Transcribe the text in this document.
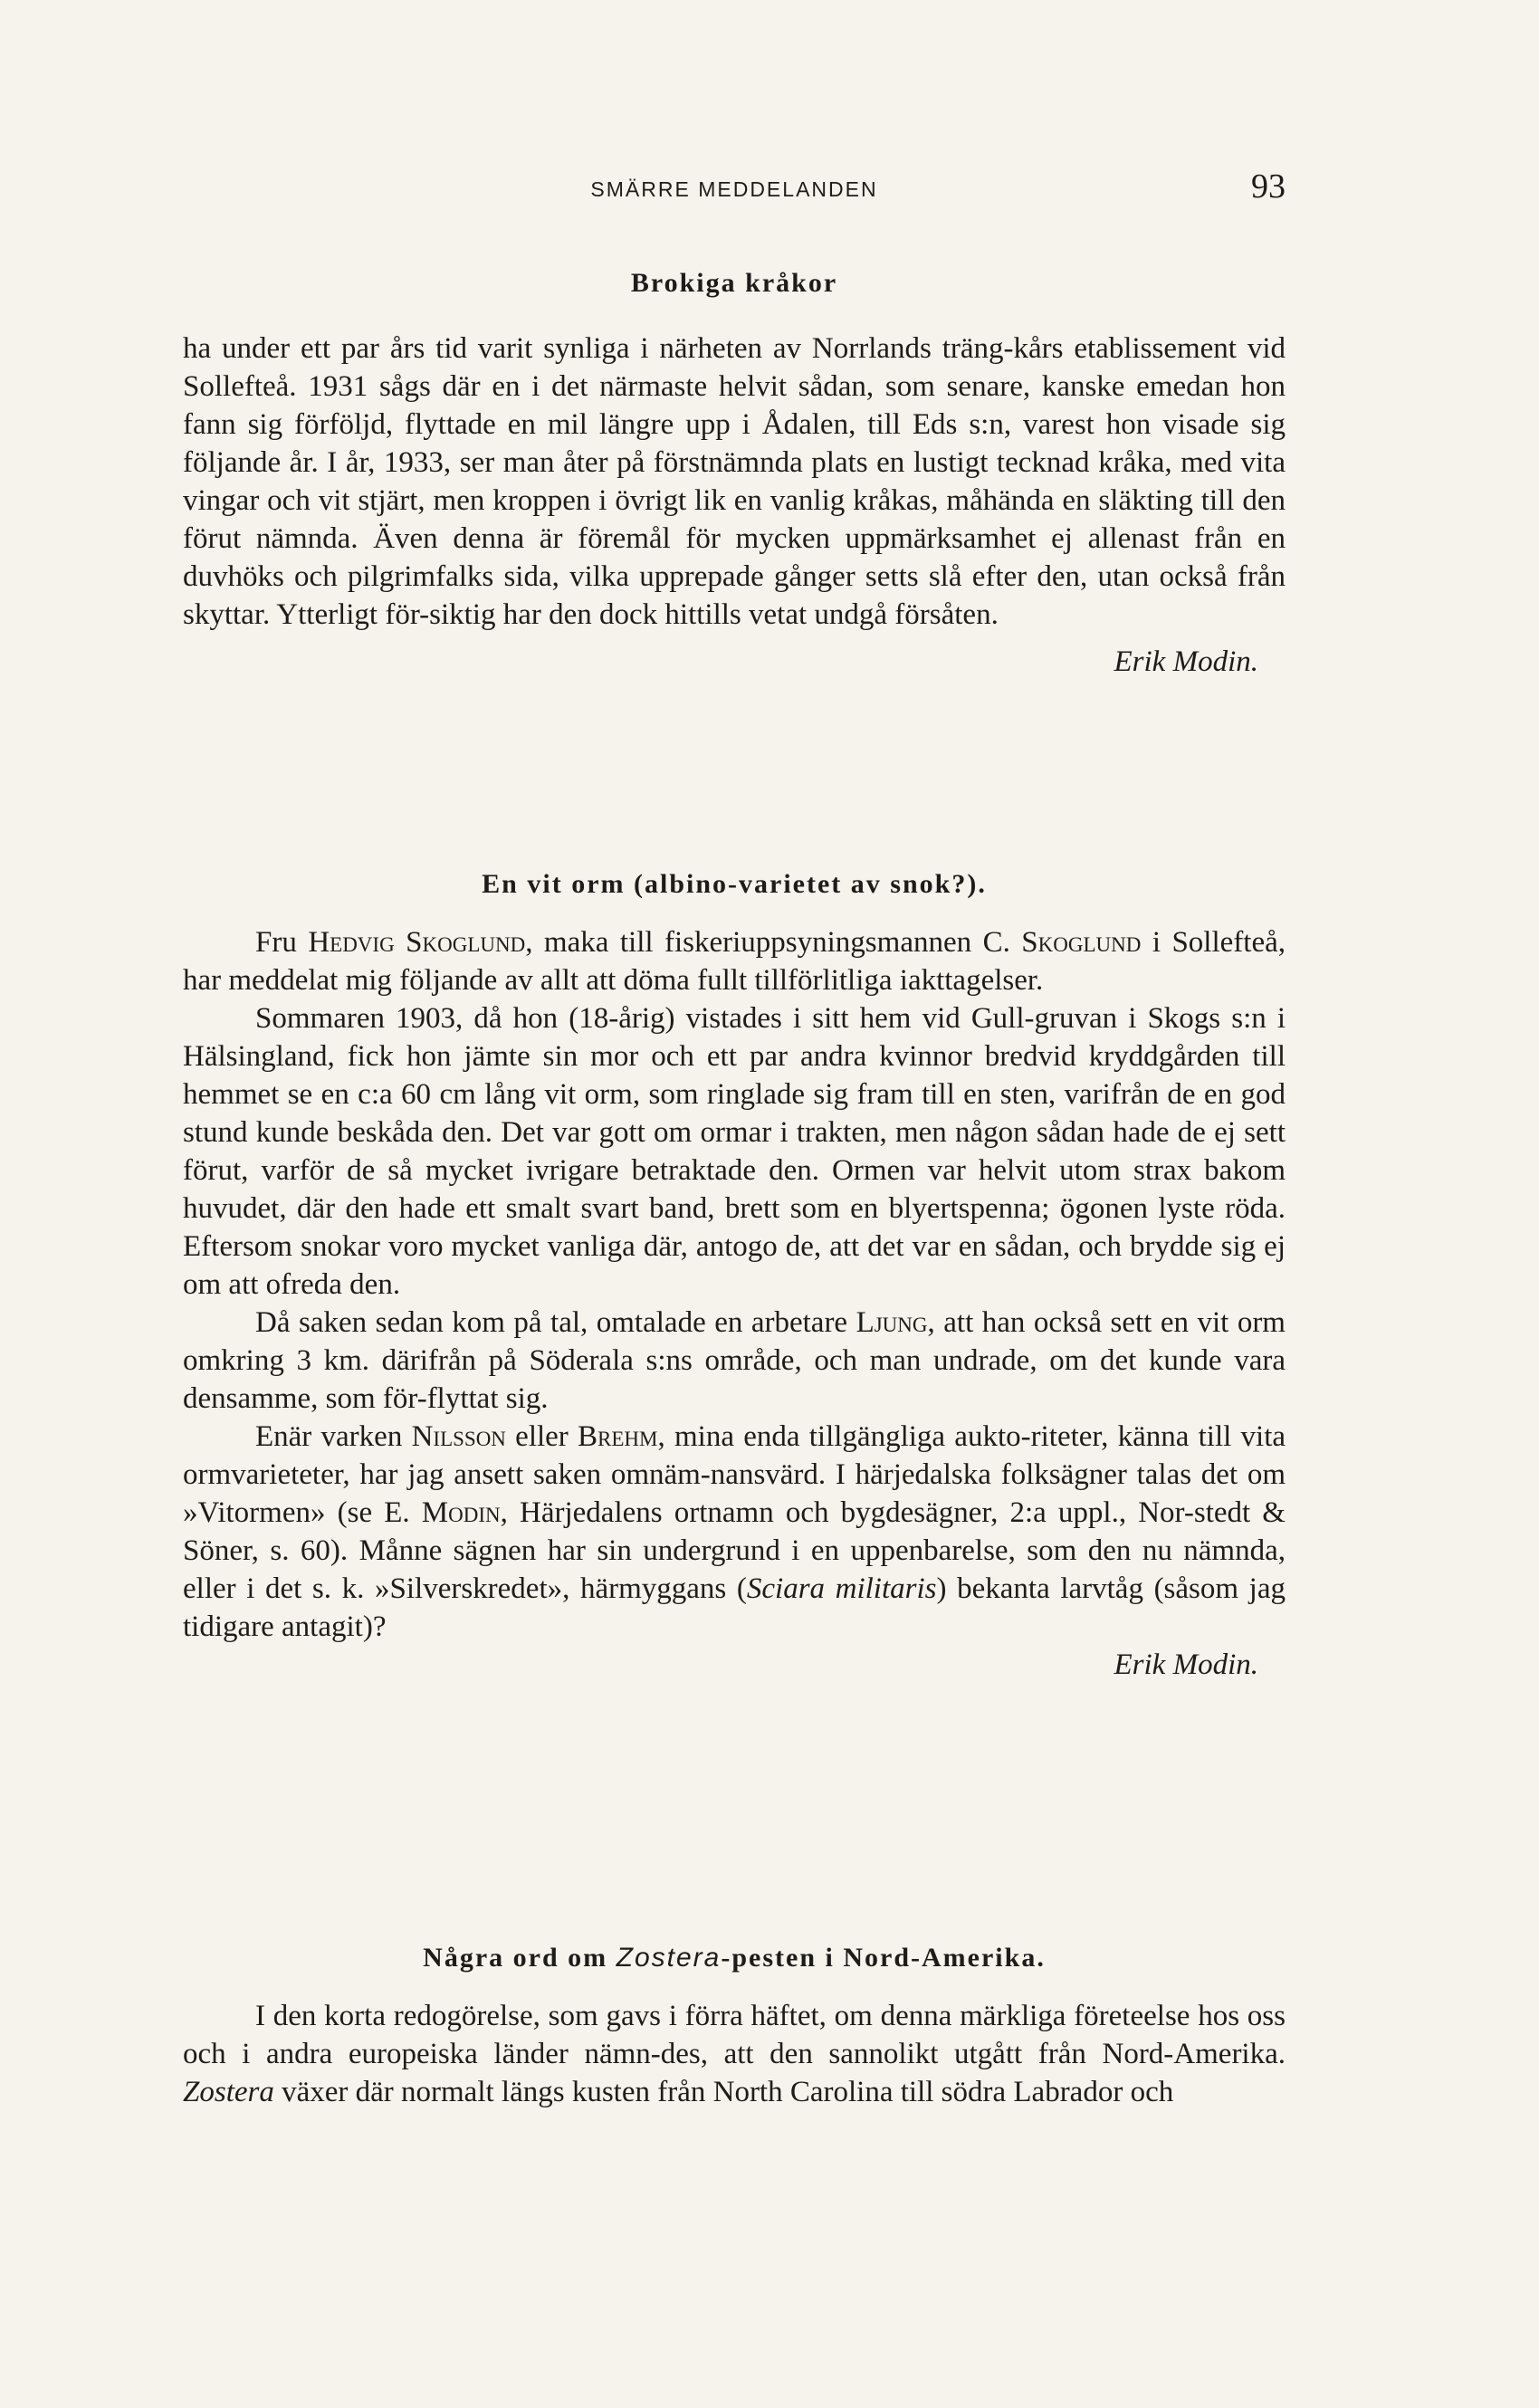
SMÄRRE MEDDELANDEN	93
Brokiga kråkor

ha under ett par års tid varit synliga i närheten av Norrlands träng-kårs etablissement vid Sollefteå. 1931 sågs där en i det närmaste helvit sådan, som senare, kanske emedan hon fann sig förföljd, flyttade en mil längre upp i Ådalen, till Eds s:n, varest hon visade sig följande år. I år, 1933, ser man åter på förstnämnda plats en lustigt tecknad kråka, med vita vingar och vit stjärt, men kroppen i övrigt lik en vanlig kråkas, måhända en släkting till den förut nämnda. Även denna är föremål för mycken uppmärksamhet ej allenast från en duvhöks och pilgrimfalks sida, vilka upprepade gånger setts slå efter den, utan också från skyttar. Ytterligt för-siktig har den dock hittills vetat undgå försåten.

Erik Modin.
En vit orm (albino-varietet av snok?).

Fru Hedvig Skoglund, maka till fiskeriuppsyningsmannen C. Skoglund i Sollefteå, har meddelat mig följande av allt att döma fullt tillförlitliga iakttagelser.

Sommaren 1903, då hon (18-årig) vistades i sitt hem vid Gull-gruvan i Skogs s:n i Hälsingland, fick hon jämte sin mor och ett par andra kvinnor bredvid kryddgården till hemmet se en c:a 60 cm lång vit orm, som ringlade sig fram till en sten, varifrån de en god stund kunde beskåda den. Det var gott om ormar i trakten, men någon sådan hade de ej sett förut, varför de så mycket ivrigare betraktade den. Ormen var helvit utom strax bakom huvudet, där den hade ett smalt svart band, brett som en blyertspenna; ögonen lyste röda. Eftersom snokar voro mycket vanliga där, antogo de, att det var en sådan, och brydde sig ej om att ofreda den.

Då saken sedan kom på tal, omtalade en arbetare Ljung, att han också sett en vit orm omkring 3 km. därifrån på Söderala s:ns område, och man undrade, om det kunde vara densamme, som för-flyttat sig.

Enär varken Nilsson eller Brehm, mina enda tillgängliga aukto-riteter, känna till vita ormvarieteter, har jag ansett saken omnäm-nansvärd. I härjedalska folksägner talas det om »Vitormen» (se E. Modin, Härjedalens ortnamn och bygdesägner, 2:a uppl., Nor-stedt & Söner, s. 60). Månne sägnen har sin undergrund i en uppenbarelse, som den nu nämnda, eller i det s. k. »Silverskredet», härmyggans (Sciara militaris) bekanta larvtåg (såsom jag tidigare antagit)?

Erik Modin.
Några ord om Zostera-pesten i Nord-Amerika.

I den korta redogörelse, som gavs i förra häftet, om denna märkliga företeelse hos oss och i andra europeiska länder nämn-des, att den sannolikt utgått från Nord-Amerika. Zostera växer där normalt längs kusten från North Carolina till södra Labrador och
